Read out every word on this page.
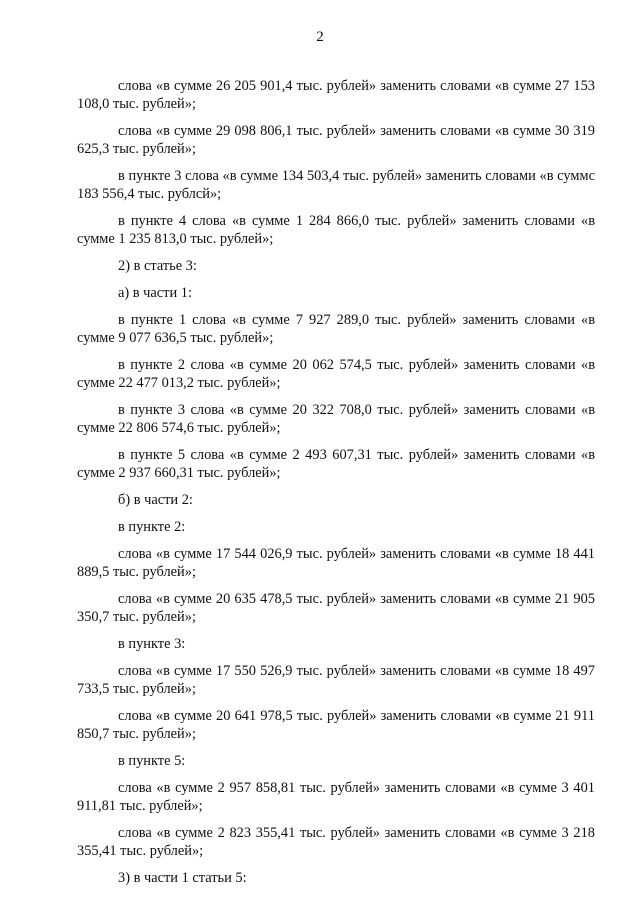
2

слова «в сумме 26 205 901,4 тыс. рублей» заменить словами «в сумме 27 153 108,0 тыс. рублей»;

слова «в сумме 29 098 806,1 тыс. рублей» заменить словами «в сумме 30 319 625,3 тыс. рублей»;

в пункте 3 слова «в сумме 134 503,4 тыс. рублей» заменить словами «в суммс 183 556,4 тыс. рублсй»;

в пункте 4 слова «в сумме 1 284 866,0 тыс. рублей» заменить словами «в сумме 1 235 813,0 тыс. рублей»;

2) в статье 3:

а) в части 1:

в пункте 1 слова «в сумме 7 927 289,0 тыс. рублей» заменить словами «в сумме 9 077 636,5 тыс. рублей»;

в пункте 2 слова «в сумме 20 062 574,5 тыс. рублей» заменить словами «в сумме 22 477 013,2 тыс. рублей»;

в пункте 3 слова «в сумме 20 322 708,0 тыс. рублей» заменить словами «в сумме 22 806 574,6 тыс. рублей»;

в пункте 5 слова «в сумме 2 493 607,31 тыс. рублей» заменить словами «в сумме 2 937 660,31 тыс. рублей»;

б) в части 2:

в пункте 2:

слова «в сумме 17 544 026,9 тыс. рублей» заменить словами «в сумме 18 441 889,5 тыс. рублей»;

слова «в сумме 20 635 478,5 тыс. рублей» заменить словами «в сумме 21 905 350,7 тыс. рублей»;

в пункте 3:

слова «в сумме 17 550 526,9 тыс. рублей» заменить словами «в сумме 18 497 733,5 тыс. рублей»;

слова «в сумме 20 641 978,5 тыс. рублей» заменить словами «в сумме 21 911 850,7 тыс. рублей»;

в пункте 5:

слова «в сумме 2 957 858,81 тыс. рублей» заменить словами «в сумме 3 401 911,81 тыс. рублей»;

слова «в сумме 2 823 355,41 тыс. рублей» заменить словами «в сумме 3 218 355,41 тыс. рублей»;

3) в части 1 статьи 5:
